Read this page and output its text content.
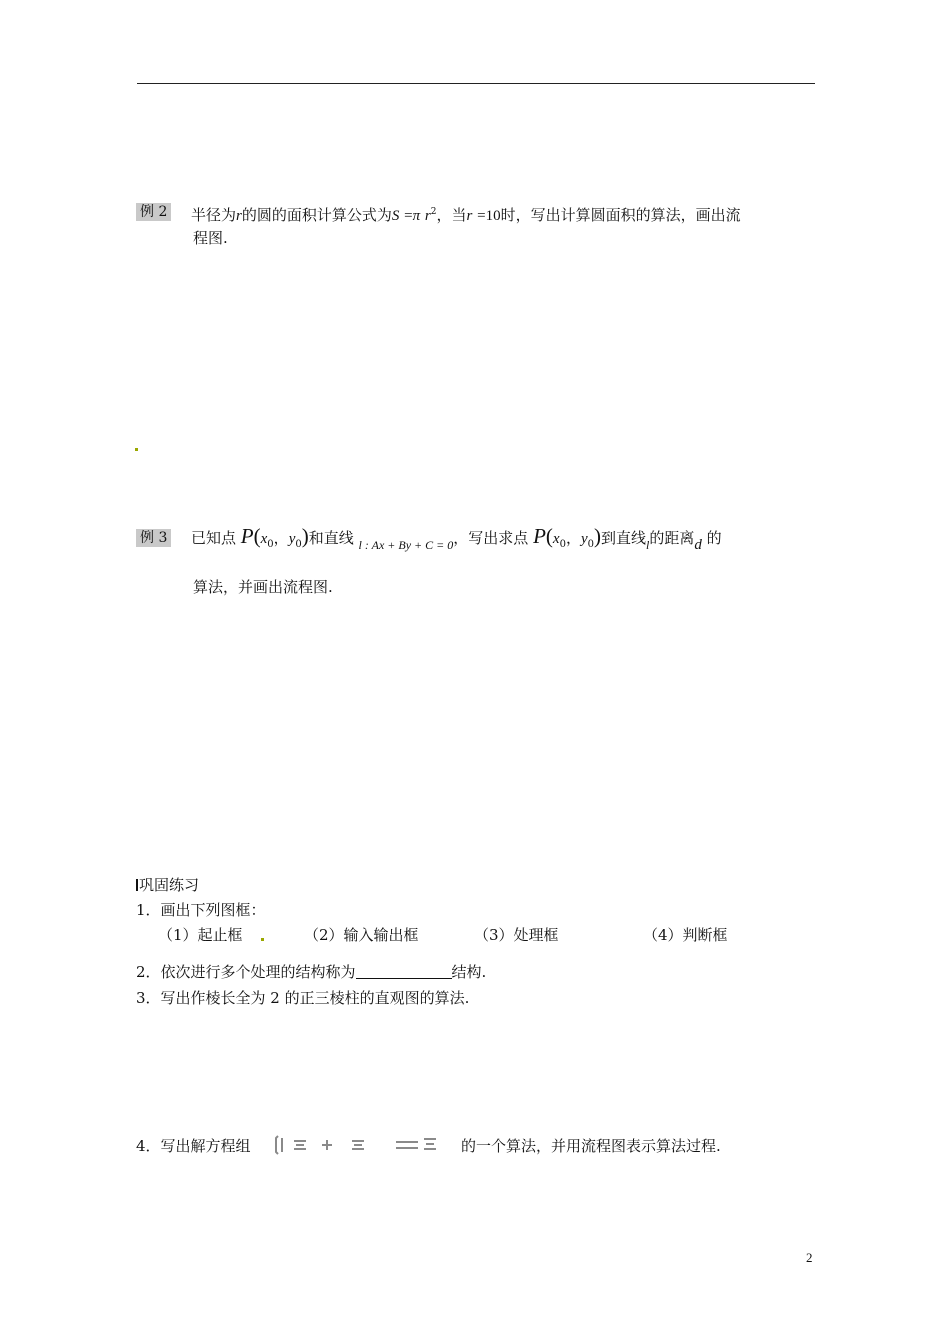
例 2 半径为r的圆的面积计算公式为S =π $r^2$，当r =10时，写出计算圆面积的算法，画出流
程图.
例 3 已知点 $P(x_0$，$y_0$)和直线 $_{l : Ax + By + C = 0}$，写出求点 $P(x_0$，$y_0$)到直线$_l$的距离d 的
算法，并画出流程图.
巩固练习
1．画出下列图框：
（1）起止框	（2）输入输出框	（3）处理框	（4）判断框
2．依次进行多个处理的结构称为	结构.
3．写出作棱长全为 2 的正三棱柱的直观图的算法.
4．写出解方程组	的一个算法，并用流程图表示算法过程.
2
